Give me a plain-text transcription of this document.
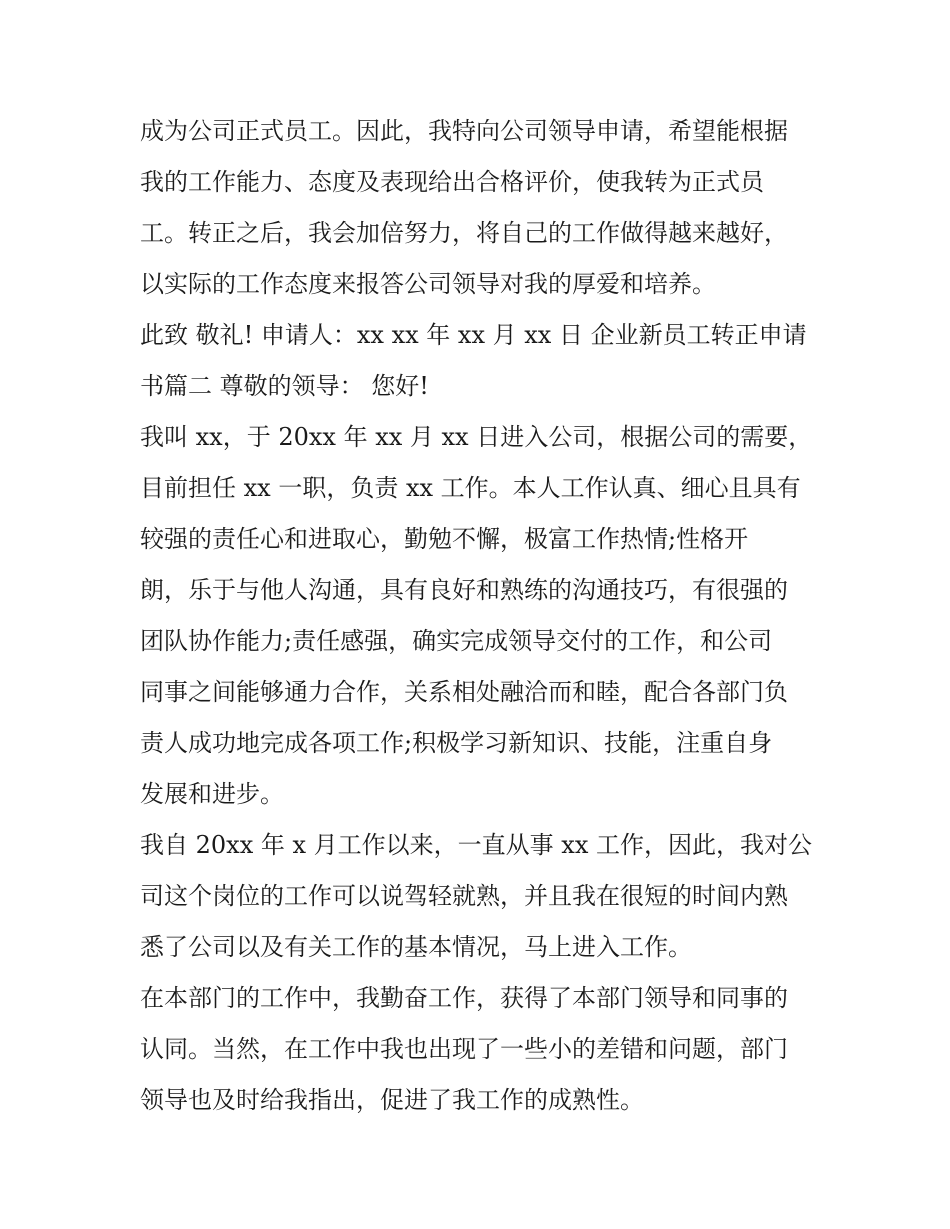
成为公司正式员工。因此，我特向公司领导申请，希望能根据
我的工作能力、态度及表现给出合格评价，使我转为正式员
工。转正之后，我会加倍努力，将自己的工作做得越来越好，
以实际的工作态度来报答公司领导对我的厚爱和培养。
此致 敬礼! 申请人：xx xx 年 xx 月 xx 日 企业新员工转正申请
书篇二 尊敬的领导： 您好!
我叫 xx，于 20xx 年 xx 月 xx 日进入公司，根据公司的需要，
目前担任 xx 一职，负责 xx 工作。本人工作认真、细心且具有
较强的责任心和进取心，勤勉不懈，极富工作热情;性格开
朗，乐于与他人沟通，具有良好和熟练的沟通技巧，有很强的
团队协作能力;责任感强，确实完成领导交付的工作，和公司
同事之间能够通力合作，关系相处融洽而和睦，配合各部门负
责人成功地完成各项工作;积极学习新知识、技能，注重自身
发展和进步。
我自 20xx 年 x 月工作以来，一直从事 xx 工作，因此，我对公
司这个岗位的工作可以说驾轻就熟，并且我在很短的时间内熟
悉了公司以及有关工作的基本情况，马上进入工作。
在本部门的工作中，我勤奋工作，获得了本部门领导和同事的
认同。当然，在工作中我也出现了一些小的差错和问题，部门
领导也及时给我指出，促进了我工作的成熟性。
